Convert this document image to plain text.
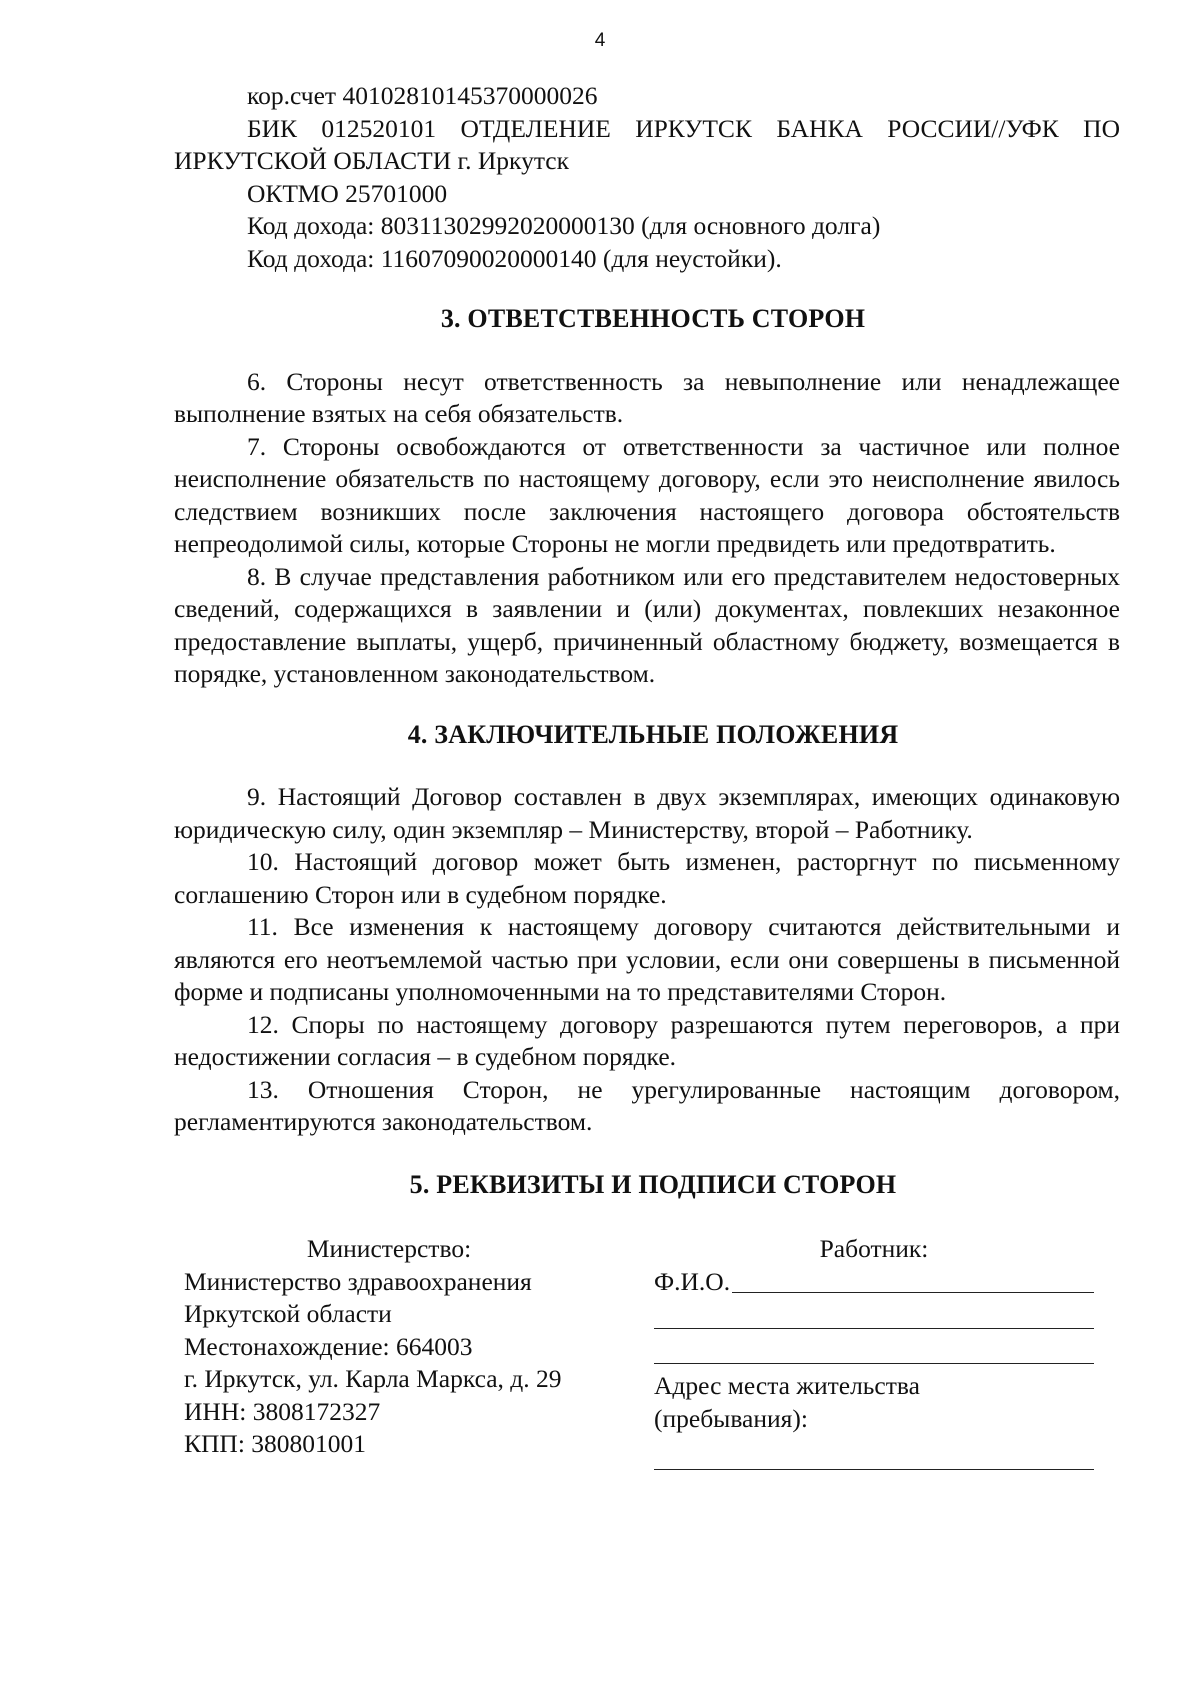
4

кор.счет 40102810145370000026

БИК 012520101 ОТДЕЛЕНИЕ ИРКУТСК БАНКА РОССИИ//УФК ПО

ИРКУТСКОЙ ОБЛАСТИ г. Иркутск

ОКТМО 25701000

Код дохода: 80311302992020000130 (для основного долга)

Код дохода: 11607090020000140 (для неустойки).

3. ОТВЕТСТВЕННОСТЬ СТОРОН

6. Стороны несут ответственность за невыполнение или ненадлежащее выполнение взятых на себя обязательств.

7. Стороны освобождаются от ответственности за частичное или полное неисполнение обязательств по настоящему договору, если это неисполнение явилось следствием возникших после заключения настоящего договора обстоятельств непреодолимой силы, которые Стороны не могли предвидеть или предотвратить.

8. В случае представления работником или его представителем недостоверных сведений, содержащихся в заявлении и (или) документах, повлекших незаконное предоставление выплаты, ущерб, причиненный областному бюджету, возмещается в порядке, установленном законодательством.

4. ЗАКЛЮЧИТЕЛЬНЫЕ ПОЛОЖЕНИЯ

9. Настоящий Договор составлен в двух экземплярах, имеющих одинаковую юридическую силу, один экземпляр – Министерству, второй – Работнику.

10. Настоящий договор может быть изменен, расторгнут по письменному соглашению Сторон или в судебном порядке.

11. Все изменения к настоящему договору считаются действительными и являются его неотъемлемой частью при условии, если они совершены в письменной форме и подписаны уполномоченными на то представителями Сторон.

12. Споры по настоящему договору разрешаются путем переговоров, а при недостижении согласия – в судебном порядке.

13. Отношения Сторон, не урегулированные настоящим договором, регламентируются законодательством.

5. РЕКВИЗИТЫ И ПОДПИСИ СТОРОН
Министерство:
Министерство здравоохранения
Иркутской области
Местонахождение: 664003
г. Иркутск, ул. Карла Маркса, д. 29
ИНН: 3808172327
КПП: 380801001
Работник:
Ф.И.О.
Адрес места жительства
(пребывания):
